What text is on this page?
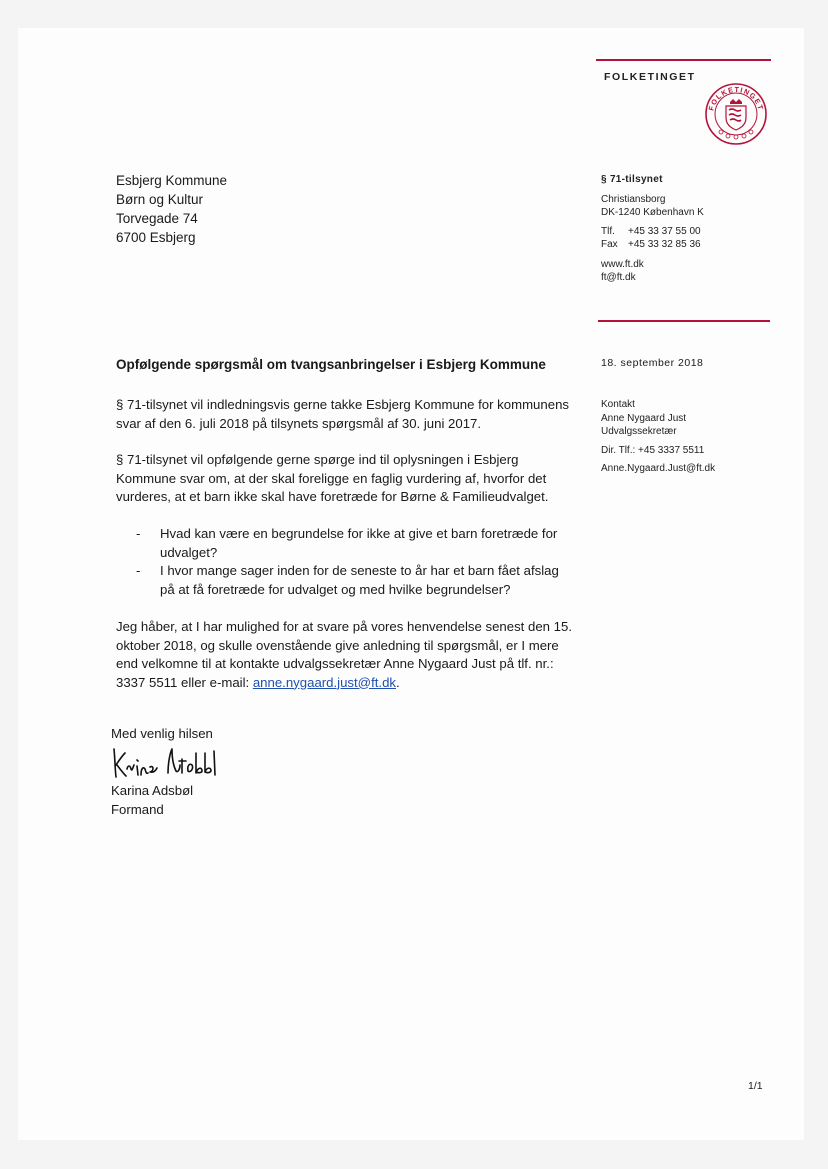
FOLKETINGET
FOLKETINGET
Esbjerg Kommune
Børn og Kultur
Torvegade 74
6700 Esbjerg
§ 71-tilsynet
Christiansborg
DK-1240 København K
Tlf.	+45 33 37 55 00
Fax	+45 33 32 85 36
www.ft.dk
ft@ft.dk
Opfølgende spørgsmål om tvangsanbringelser i Esbjerg Kommune	18. september 2018
Kontakt
Anne Nygaard Just
Udvalgssekretær
Dir. Tlf.: +45 3337 5511
Anne.Nygaard.Just@ft.dk
§ 71-tilsynet vil indledningsvis gerne takke Esbjerg Kommune for kommunens svar af den 6. juli 2018 på tilsynets spørgsmål af 30. juni 2017.
§ 71-tilsynet vil opfølgende gerne spørge ind til oplysningen i Esbjerg Kommune svar om, at der skal foreligge en faglig vurdering af, hvorfor det vurderes, at et barn ikke skal have foretræde for Børne & Familieudvalget.
-	Hvad kan være en begrundelse for ikke at give et barn foretræde for udvalget?
-	I hvor mange sager inden for de seneste to år har et barn fået afslag på at få foretræde for udvalget og med hvilke begrundelser?
Jeg håber, at I har mulighed for at svare på vores henvendelse senest den 15. oktober 2018, og skulle ovenstående give anledning til spørgsmål, er I mere end velkomne til at kontakte udvalgssekretær Anne Nygaard Just på tlf. nr.: 3337 5511 eller e-mail: anne.nygaard.just@ft.dk.
Med venlig hilsen
Karina Adsbøl
Formand
1/1
